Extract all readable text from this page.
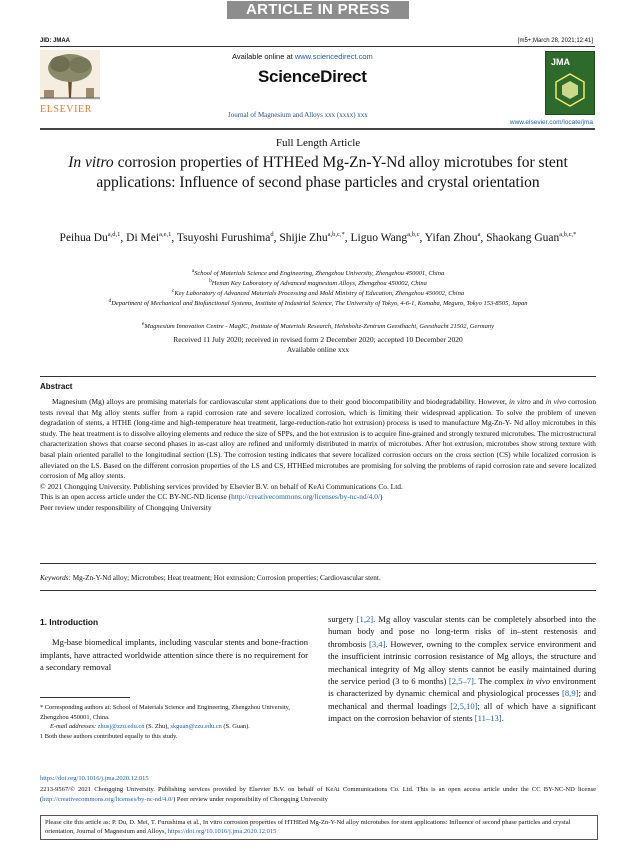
ARTICLE IN PRESS
JID: JMAA	[m5+;March 28, 2021;12:41]
ELSEVIER
Available online at www.sciencedirect.com
ScienceDirect
Journal of Magnesium and Alloys xxx (xxxx) xxx
JMA
www.elsevier.com/locate/jma
Full Length Article
In vitro corrosion properties of HTHEed Mg-Zn-Y-Nd alloy microtubes for stent applications: Influence of second phase particles and crystal orientation
Peihua Du$^{a,d,1}$, Di Mei$^{a,e,1}$, Tsuyoshi Furushima$^d$, Shijie Zhu$^{a,b,c,*}$, Liguo Wang$^{a,b,c}$, Yifan Zhou$^a$, Shaokang Guan$^{a,b,c,*}$
$^a$School of Materials Science and Engineering, Zhengzhou University, Zhengzhou 450001, China
$^b$Henan Key Laboratory of Advanced magnesium Alloys, Zhengzhou 450002, China
$^c$Key Laboratory of Advanced Materials Processing and Mold Ministry of Education, Zhengzhou 450002, China
$^d$Department of Mechanical and Biofunctional Systems, Institute of Industrial Science, The University of Tokyo, 4-6-1, Komaba, Meguro, Tokyo 153-8505, Japan
$^e$Magnesium Innovation Centre - MagIC, Institute of Materials Research, Helmholtz-Zentrum Geesthacht, Geesthacht 21502, Germany
Received 11 July 2020; received in revised form 2 December 2020; accepted 10 December 2020
Available online xxx
Abstract

Magnesium (Mg) alloys are promising materials for cardiovascular stent applications due to their good biocompatibility and biodegradability. However, in vitro and in vivo corrosion tests reveal that Mg alloy stents suffer from a rapid corrosion rate and severe localized corrosion, which is limiting their widespread application. To solve the problem of uneven degradation of stents, a HTHE (long-time and high-temperature heat treatment, large-reduction-ratio hot extrusion) process is used to manufacture Mg-Zn-Y- Nd alloy microtubes in this study. The heat treatment is to dissolve alloying elements and reduce the size of SPPs, and the hot extrusion is to acquire fine-grained and strongly textured microtubes. The microstructural characterization shows that coarse second phases in as-cast alloy are refined and uniformly distributed in matrix of microtubes. After hot extrusion, microtubes show strong texture with basal plain oriented parallel to the longitudinal section (LS). The corrosion testing indicates that severe localized corrosion occurs on the cross section (CS) while localized corrosion is alleviated on the LS. Based on the different corrosion properties of the LS and CS, HTHEed microtubes are promising for solving the problems of rapid corrosion rate and severe localized corrosion of Mg alloy stents.

© 2021 Chongqing University. Publishing services provided by Elsevier B.V. on behalf of KeAi Communications Co. Ltd.

This is an open access article under the CC BY-NC-ND license (http://creativecommons.org/licenses/by-nc-nd/4.0/)

Peer review under responsibility of Chongqing University

Keywords: Mg-Zn-Y-Nd alloy; Microtubes; Heat treatment; Hot extrusion; Corrosion properties; Cardiovascular stent.
1. Introduction
Mg-base biomedical implants, including vascular stents and bone-fraction implants, have attracted worldwide attention since there is no requirement for a secondary removal
surgery [1,2]. Mg alloy vascular stents can be completely absorbed into the human body and pose no long-term risks of in–stent restenosis and thrombosis [3,4]. However, owning to the complex service environment and the insufficient intrinsic corrosion resistance of Mg alloys, the structure and mechanical integrity of Mg alloy stents cannot be easily maintained during the service period (3 to 6 months) [2,5–7]. The complex in vivo environment is characterized by dynamic chemical and physiological processes [8,9]; and mechanical and thermal loadings [2,5,10]; all of which have a significant impact on the corrosion behavior of stents [11–13].
* Corresponding authors at: School of Materials Science and Engineering, Zhengzhou University, Zhengzhou 450001, China.
E-mail addresses: zhusj@zzu.edu.cn (S. Zhu), skguan@zzu.edu.cn (S. Guan).
1 Both these authors contributed equally to this study.
https://doi.org/10.1016/j.jma.2020.12.015
2213-9567/© 2021 Chongqing University. Publishing services provided by Elsevier B.V. on behalf of KeAi Communications Co. Ltd. This is an open access article under the CC BY-NC-ND license (http://creativecommons.org/licenses/by-nc-nd/4.0/) Peer review under responsibility of Chongqing University
Please cite this article as: P. Du, D. Mei, T. Furushima et al., In vitro corrosion properties of HTHEed Mg-Zn-Y-Nd alloy microtubes for stent applications: Influence of second phase particles and crystal orientation, Journal of Magnesium and Alloys, https://doi.org/10.1016/j.jma.2020.12.015
